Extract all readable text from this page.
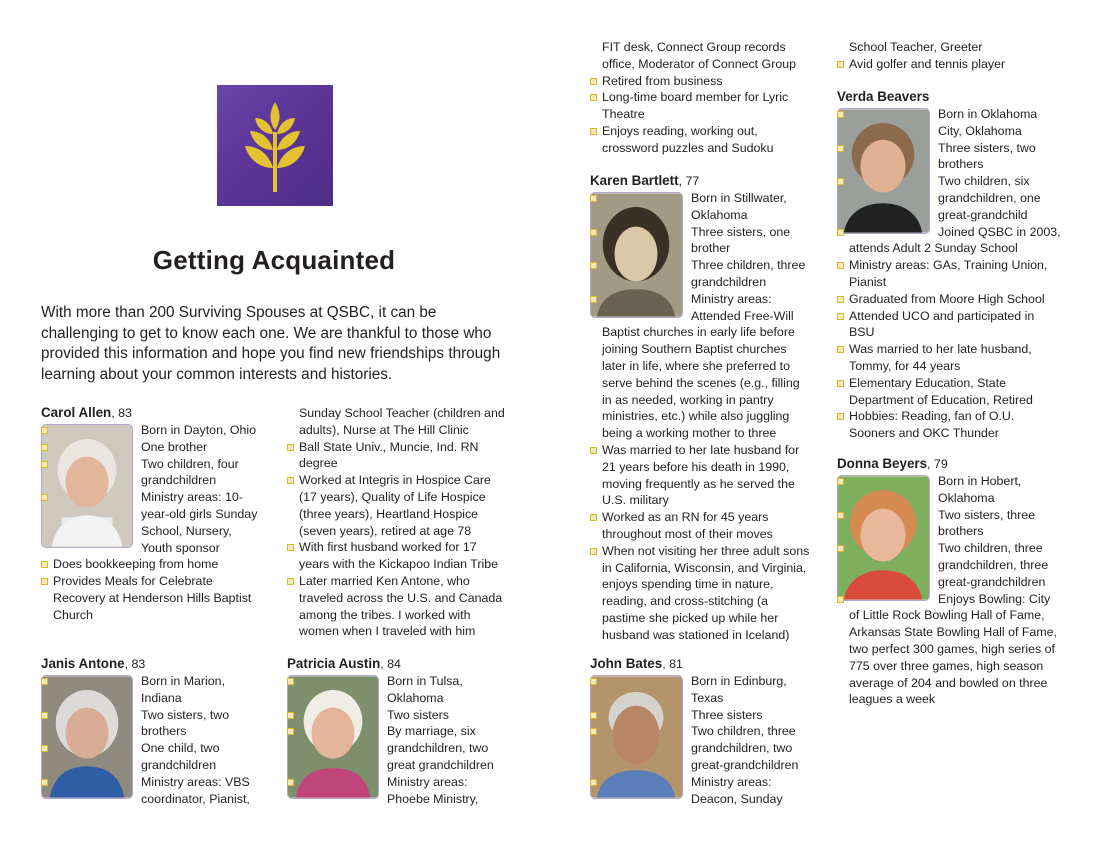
Getting Acquainted
With more than 200 Surviving Spouses at QSBC, it can be challenging to get to know each one. We are thankful to those who provided this information and hope you find new friendships through learning about your common interests and histories.
Carol Allen, 83
Born in Dayton, Ohio
One brother
Two children, four grandchildren
Ministry areas: 10-year-old girls Sunday School, Nursery, Youth sponsor
Does bookkeeping from home
Provides Meals for Celebrate Recovery at Henderson Hills Baptist Church
Sunday School Teacher (children and adults), Nurse at The Hill Clinic
Ball State Univ., Muncie, Ind. RN degree
Worked at Integris in Hospice Care (17 years), Quality of Life Hospice (three years), Heartland Hospice (seven years), retired at age 78
With first husband worked for 17 years with the Kickapoo Indian Tribe
Later married Ken Antone, who traveled across the U.S. and Canada among the tribes. I worked with women when I traveled with him
Janis Antone, 83
Born in Marion, Indiana
Two sisters, two brothers
One child, two grandchildren
Ministry areas: VBS coordinator, Pianist,
Patricia Austin, 84
Born in Tulsa, Oklahoma
Two sisters
By marriage, six grandchildren, two great grandchildren
Ministry areas: Phoebe Ministry,
FIT desk, Connect Group records office, Moderator of Connect Group
Retired from business
Long-time board member for Lyric Theatre
Enjoys reading, working out, crossword puzzles and Sudoku
Karen Bartlett, 77
Born in Stillwater, Oklahoma
Three sisters, one brother
Three children, three grandchildren
Ministry areas: Attended Free-Will Baptist churches in early life before joining Southern Baptist churches later in life, where she preferred to serve behind the scenes (e.g., filling in as needed, working in pantry ministries, etc.) while also juggling being a working mother to three
Was married to her late husband for 21 years before his death in 1990, moving frequently as he served the U.S. military
Worked as an RN for 45 years throughout most of their moves
When not visiting her three adult sons in California, Wisconsin, and Virginia, enjoys spending time in nature, reading, and cross-stitching (a pastime she picked up while her husband was stationed in Iceland)
John Bates, 81
Born in Edinburg, Texas
Three sisters
Two children, three grandchildren, two great-grandchildren
Ministry areas: Deacon, Sunday
School Teacher, Greeter
Avid golfer and tennis player
Verda Beavers
Born in Oklahoma City, Oklahoma
Three sisters, two brothers
Two children, six grandchildren, one great-grandchild
Joined QSBC in 2003, attends Adult 2 Sunday School
Ministry areas: GAs, Training Union, Pianist
Graduated from Moore High School
Attended UCO and participated in BSU
Was married to her late husband, Tommy, for 44 years
Elementary Education, State Department of Education, Retired
Hobbies: Reading, fan of O.U. Sooners and OKC Thunder
Donna Beyers, 79
Born in Hobert, Oklahoma
Two sisters, three brothers
Two children, three grandchildren, three great-grandchildren
Enjoys Bowling: City of Little Rock Bowling Hall of Fame, Arkansas State Bowling Hall of Fame, two perfect 300 games, high series of 775 over three games, high season average of 204 and bowled on three leagues a week
